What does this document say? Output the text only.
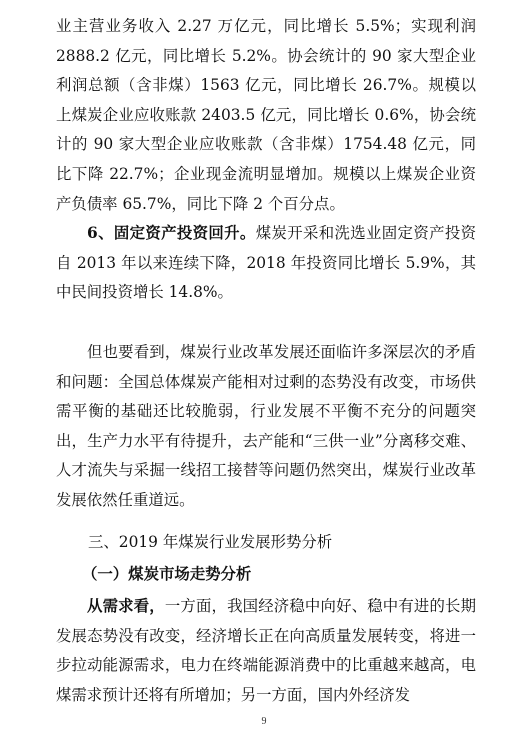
业主营业务收入 2.27 万亿元，同比增长 5.5%；实现利润 2888.2 亿元，同比增长 5.2%。协会统计的 90 家大型企业利润总额（含非煤）1563 亿元，同比增长 26.7%。规模以上煤炭企业应收账款 2403.5 亿元，同比增长 0.6%，协会统计的 90 家大型企业应收账款（含非煤）1754.48 亿元，同比下降 22.7%；企业现金流明显增加。规模以上煤炭企业资产负债率 65.7%，同比下降 2 个百分点。

6、固定资产投资回升。煤炭开采和洗选业固定资产投资自 2013 年以来连续下降，2018 年投资同比增长 5.9%，其中民间投资增长 14.8%。

但也要看到，煤炭行业改革发展还面临许多深层次的矛盾和问题：全国总体煤炭产能相对过剩的态势没有改变，市场供需平衡的基础还比较脆弱，行业发展不平衡不充分的问题突出，生产力水平有待提升，去产能和“三供一业”分离移交难、人才流失与采掘一线招工接替等问题仍然突出，煤炭行业改革发展依然任重道远。

三、2019 年煤炭行业发展形势分析

（一）煤炭市场走势分析

从需求看，一方面，我国经济稳中向好、稳中有进的长期发展态势没有改变，经济增长正在向高质量发展转变，将进一步拉动能源需求，电力在终端能源消费中的比重越来越高，电煤需求预计还将有所增加；另一方面，国内外经济发

9
